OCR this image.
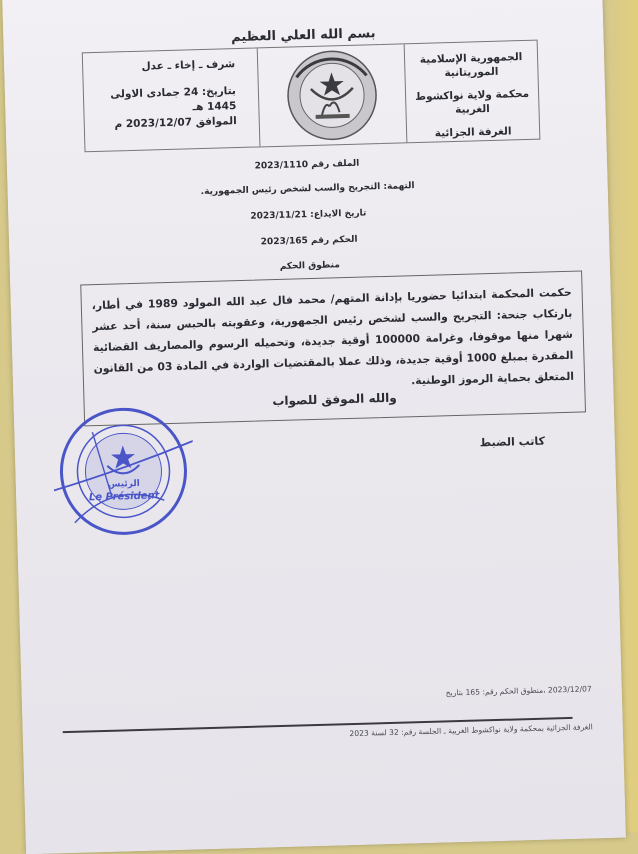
بسم الله العلي العظيم
الجمهورية الإسلامية الموريتانية
محكمة ولاية نواكشوط الغربية
الغرفة الجزائية
شرف ـ إخاء ـ عدل
بتاريخ: 24 جمادى الاولى
1445 هـ
الموافق 2023/12/07 م
الملف رقم 2023/1110
التهمة: التجريح والسب لشخص رئيس الجمهورية.
تاريخ الايداع: 2023/11/21
الحكم رقم 2023/165
منطوق الحكم
حكمت المحكمة ابتدائيا حضوريا بإدانة المتهم/ محمد فال عبد الله المولود 1989 في أطار، بارتكاب جنحة: التجريح والسب لشخص رئيس الجمهورية، وعقوبته بالحبس سنة، أحد عشر شهرا منها موقوفا، وغرامة 100000 أوقية جديدة، وتحميله الرسوم والمصاريف القضائية المقدرة بمبلغ 1000 أوقية جديدة، وذلك عملا بالمقتضيات الواردة في المادة 03 من القانون المتعلق بحماية الرموز الوطنية.
والله الموفق للصواب
كاتب الضبط
الرئيس
Le Président
2023/12/07 ،منطوق الحكم رقم: 165 بتاريخ
الغرفة الجزائية بمحكمة ولاية نواكشوط الغربية ـ الجلسة رقم: 32 لسنة 2023
